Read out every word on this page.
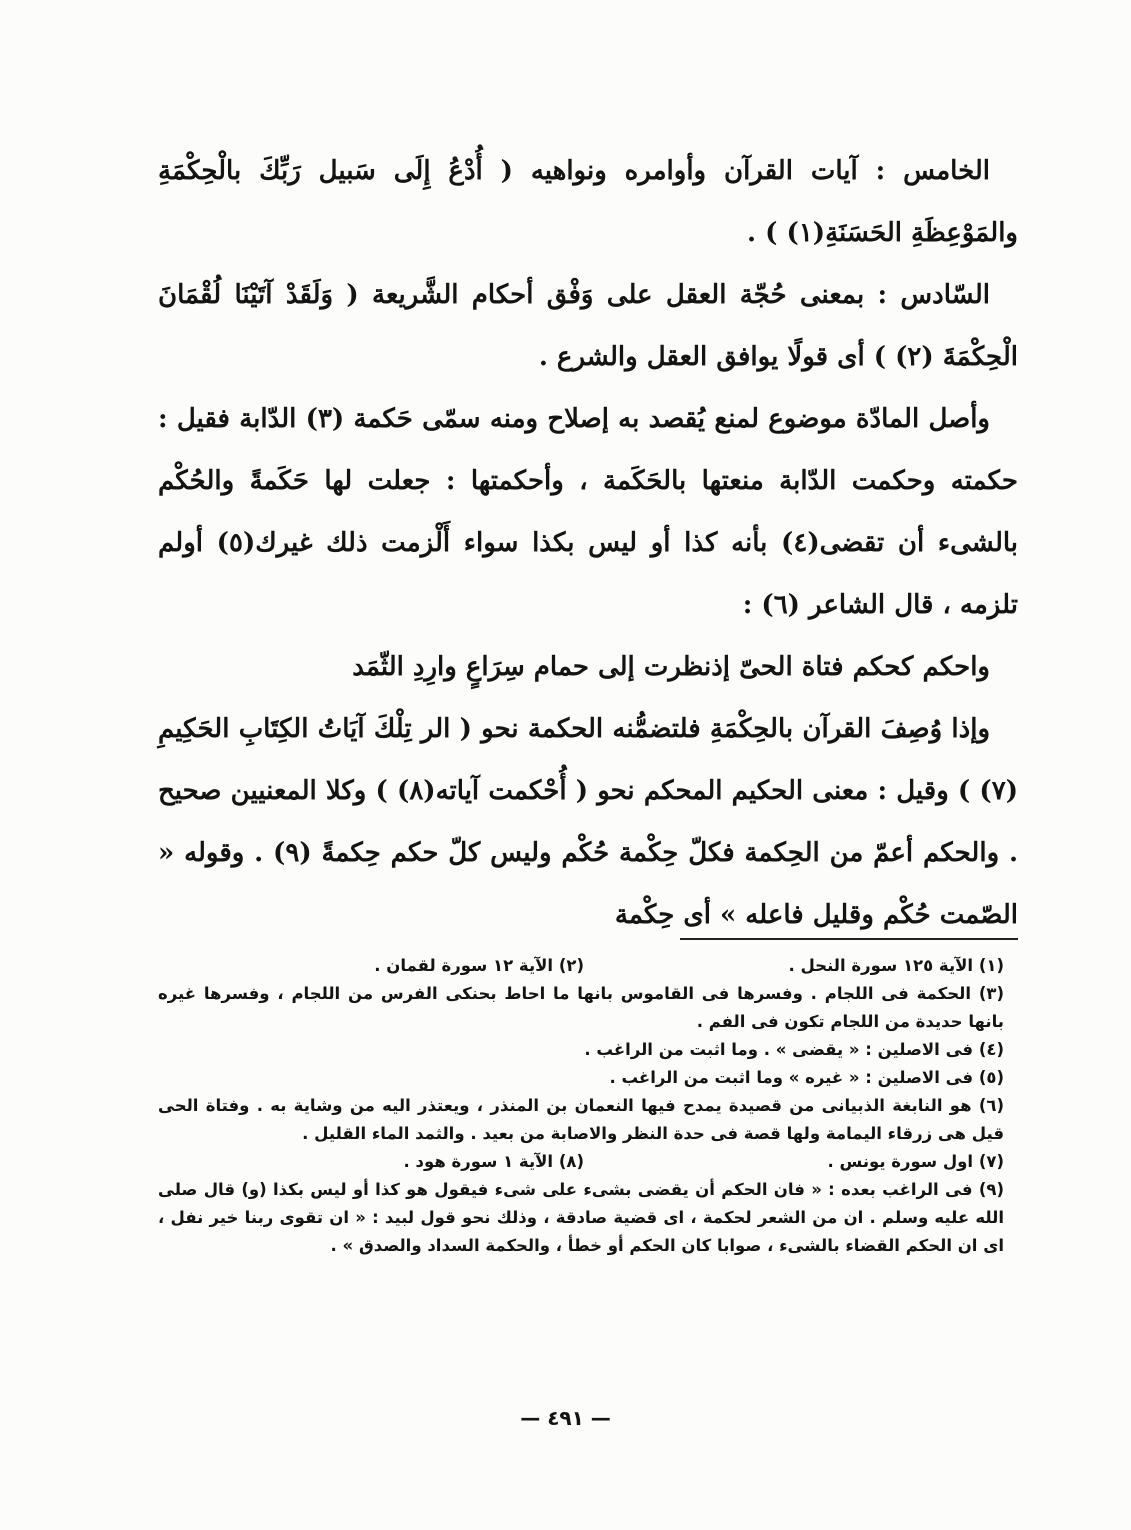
الخامس : آيات القرآن وأوامره ونواهيه ( أُدْعُ إِلَى سَبيل رَبِّكَ بالْحِكْمَةِ والمَوْعِظَةِ الحَسَنَةِ(١) ) .

السّادس : بمعنى حُجّة العقل على وَفْق أحكام الشَّريعة ( وَلَقَدْ آتَيْنَا لُقْمَانَ الْحِكْمَةَ (٢) ) أى قولًا يوافق العقل والشرع .

وأصل المادّة موضوع لمنع يُقصد به إصلاح ومنه سمّى حَكمة (٣) الدّابة فقيل : حكمته وحكمت الدّابة منعتها بالحَكَمة ، وأحكمتها : جعلت لها حَكَمةً والحُكْم بالشىء أن تقضى(٤) بأنه كذا أو ليس بكذا سواء أَلْزمت ذلك غيرك(٥) أولم تلزمه ، قال الشاعر (٦) :

واحكم كحكم فتاة الحىّ إذنظرت إلى حمام سِرَاعٍ وارِدِ الثّمَد

وإذا وُصِفَ القرآن بالحِكْمَةِ فلتضمُّنه الحكمة نحو ( الر تِلْكَ آيَاتُ الكِتَابِ الحَكِيمِ (٧) ) وقيل : معنى الحكيم المحكم نحو ( أُحْكمت آياته(٨) ) وكلا المعنيين صحيح . والحكم أعمّ من الحِكمة فكلّ حِكْمة حُكْم وليس كلّ حكم حِكمةً (٩) . وقوله « الصّمت حُكْم وقليل فاعله » أى حِكْمة

(١) الآية ١٢٥ سورة النحل .

(٢) الآية ١٢ سورة لقمان .

(٣) الحكمة فى اللجام . وفسرها فى القاموس بانها ما احاط بحنكى الفرس من اللجام ، وفسرها غيره بانها حديدة من اللجام تكون فى الفم .

(٤) فى الاصلين : « يقضى » . وما اثبت من الراغب .

(٥) فى الاصلين : « غيره » وما اثبت من الراغب .

(٦) هو النابغة الذبيانى من قصيدة يمدح فيها النعمان بن المنذر ، ويعتذر اليه من وشاية به . وفتاة الحى قيل هى زرقاء اليمامة ولها قصة فى حدة النظر والاصابة من بعيد . والثمد الماء القليل .

(٧) اول سورة يونس .

(٨) الآية ١ سورة هود .

(٩) فى الراغب بعده : « فان الحكم أن يقضى بشىء على شىء فيقول هو كذا أو ليس بكذا (و) قال صلى الله عليه وسلم . ان من الشعر لحكمة ، اى قضية صادقة ، وذلك نحو قول لبيد : « ان تقوى ربنا خير نفل ، اى ان الحكم القضاء بالشىء ، صوابا كان الحكم أو خطأ ، والحكمة السداد والصدق » .

— ٤٩١ —
